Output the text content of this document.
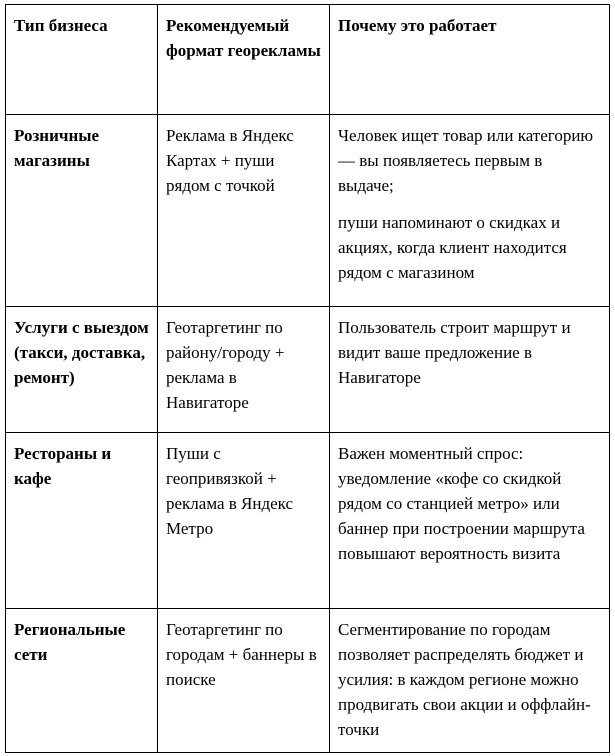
Тип бизнеса	Рекомендуемый формат георекламы	Почему это работает
Розничные магазины	Реклама в Яндекс Картах + пуши рядом с точкой	Человек ищет товар или категорию — вы появляетесь первым в выдаче;

пуши напоминают о скидках и акциях, когда клиент находится рядом с магазином

Услуги с выездом (такси, доставка, ремонт)	Геотаргетинг по району/городу + реклама в Навигаторе	Пользователь строит маршрут и видит ваше предложение в Навигаторе

Рестораны и кафе	Пуши с геопривязкой + реклама в Яндекс Метро	Важен моментный спрос: уведомление «кофе со скидкой рядом со станцией метро» или баннер при построении маршрута повышают вероятность визита

Региональные сети	Геотаргетинг по городам + баннеры в поиске	Сегментирование по городам позволяет распределять бюджет и усилия: в каждом регионе можно продвигать свои акции и оффлайн-точки
